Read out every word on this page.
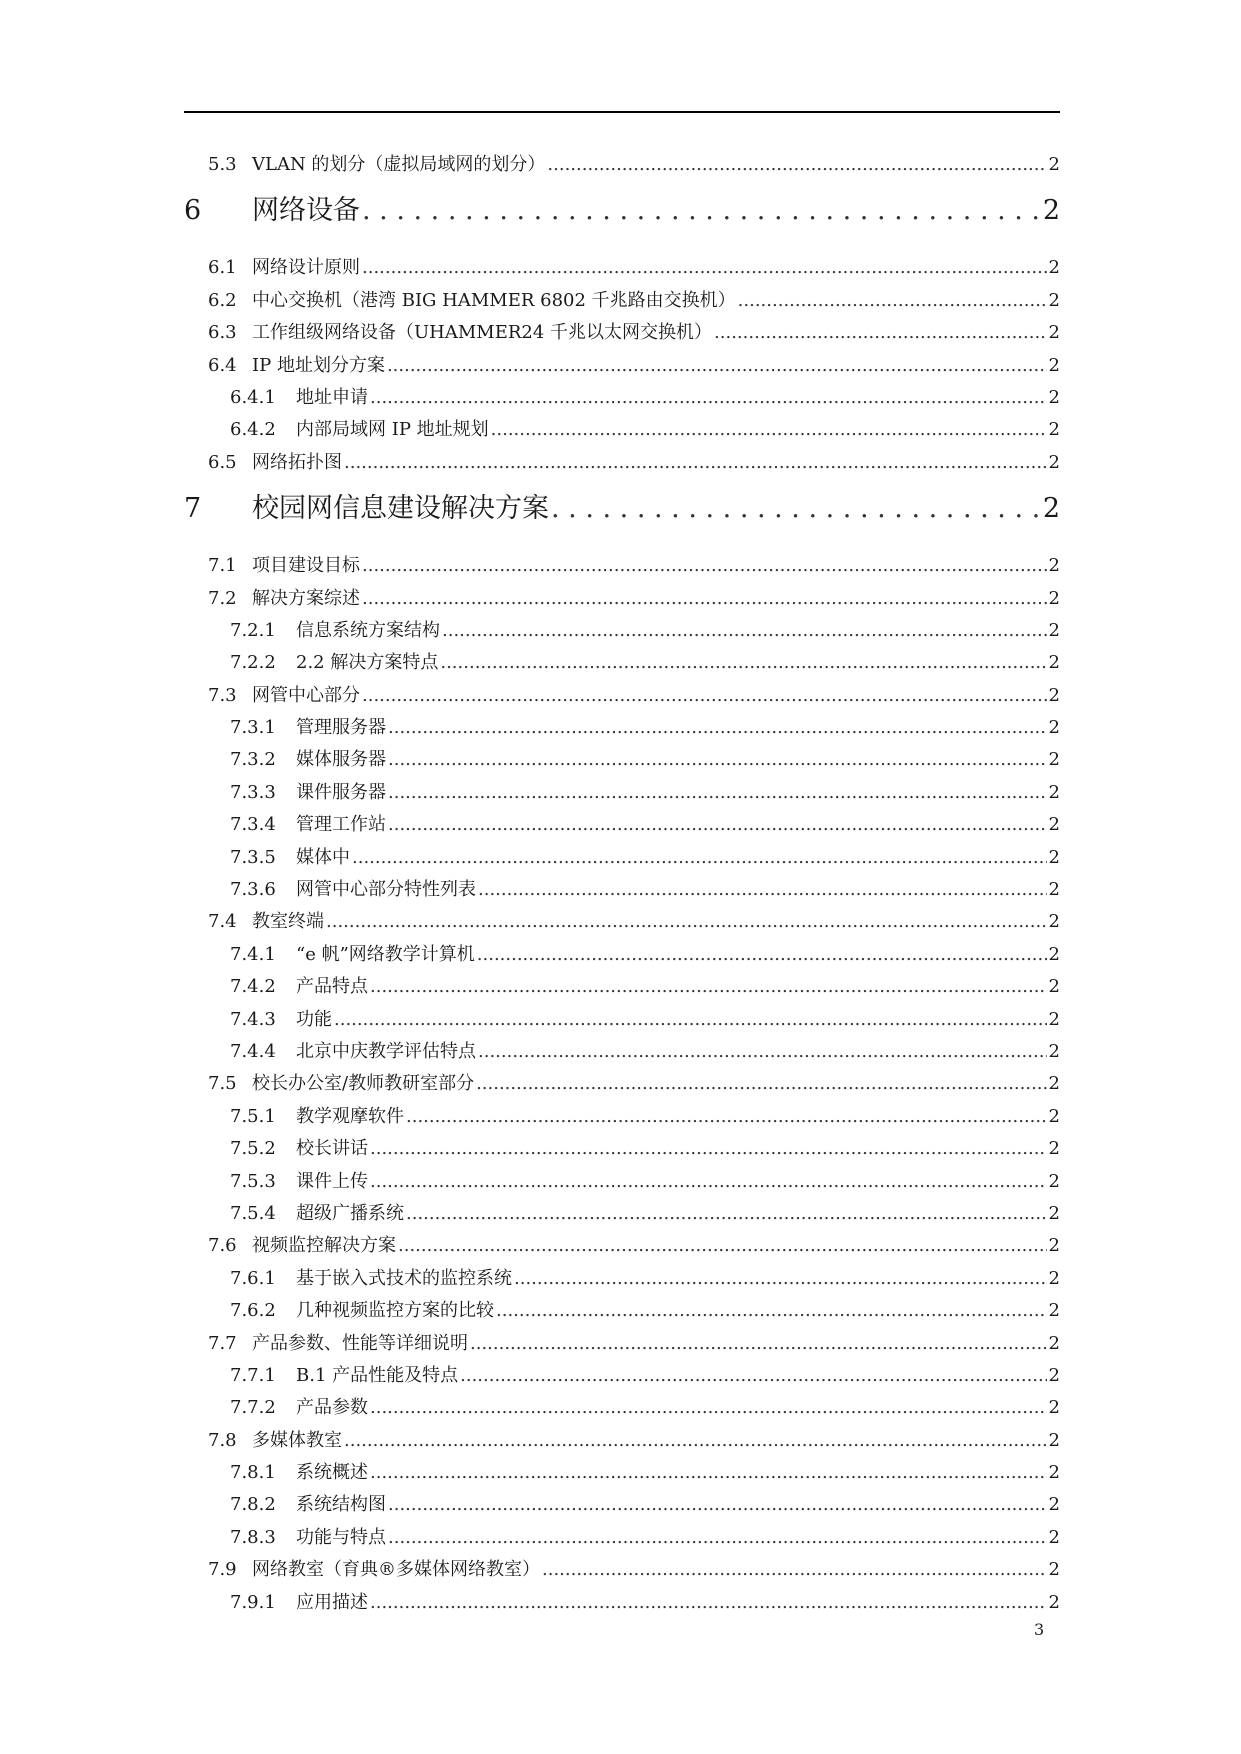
5.3 VLAN 的划分（虚拟局域网的划分） .....	2
6	网络设备 . . .	2
6.1 网络设计原则 .....	2
6.2 中心交换机（港湾 BIG HAMMER 6802 千兆路由交换机） .....	2
6.3 工作组级网络设备（UHAMMER24 千兆以太网交换机） .....	2
6.4 IP 地址划分方案 .....	2
6.4.1	地址申请 .....	2
6.4.2	内部局域网 IP 地址规划 .....	2
6.5 网络拓扑图 .....	2
7	校园网信息建设解决方案 . . .	2
7.1 项目建设目标 .....	2
7.2 解决方案综述 .....	2
7.2.1	信息系统方案结构 .....	2
7.2.2	2.2 解决方案特点 .....	2
7.3 网管中心部分 .....	2
7.3.1	管理服务器 .....	2
7.3.2	媒体服务器 .....	2
7.3.3	课件服务器 .....	2
7.3.4	管理工作站 .....	2
7.3.5	媒体中 .....	2
7.3.6	网管中心部分特性列表 .....	2
7.4 教室终端 .....	2
7.4.1	“e 帆”网络教学计算机 .....	2
7.4.2	产品特点 .....	2
7.4.3	功能 .....	2
7.4.4	北京中庆教学评估特点 .....	2
7.5 校长办公室/教师教研室部分 .....	2
7.5.1	教学观摩软件 .....	2
7.5.2	校长讲话 .....	2
7.5.3	课件上传 .....	2
7.5.4	超级广播系统 .....	2
7.6 视频监控解决方案 .....	2
7.6.1	基于嵌入式技术的监控系统 .....	2
7.6.2	几种视频监控方案的比较 .....	2
7.7 产品参数、性能等详细说明 .....	2
7.7.1	B.1 产品性能及特点 .....	2
7.7.2	产品参数 .....	2
7.8 多媒体教室 .....	2
7.8.1	系统概述 .....	2
7.8.2	系统结构图 .....	2
7.8.3	功能与特点 .....	2
7.9 网络教室（育典®多媒体网络教室） .....	2
7.9.1	应用描述 .....	2
3
